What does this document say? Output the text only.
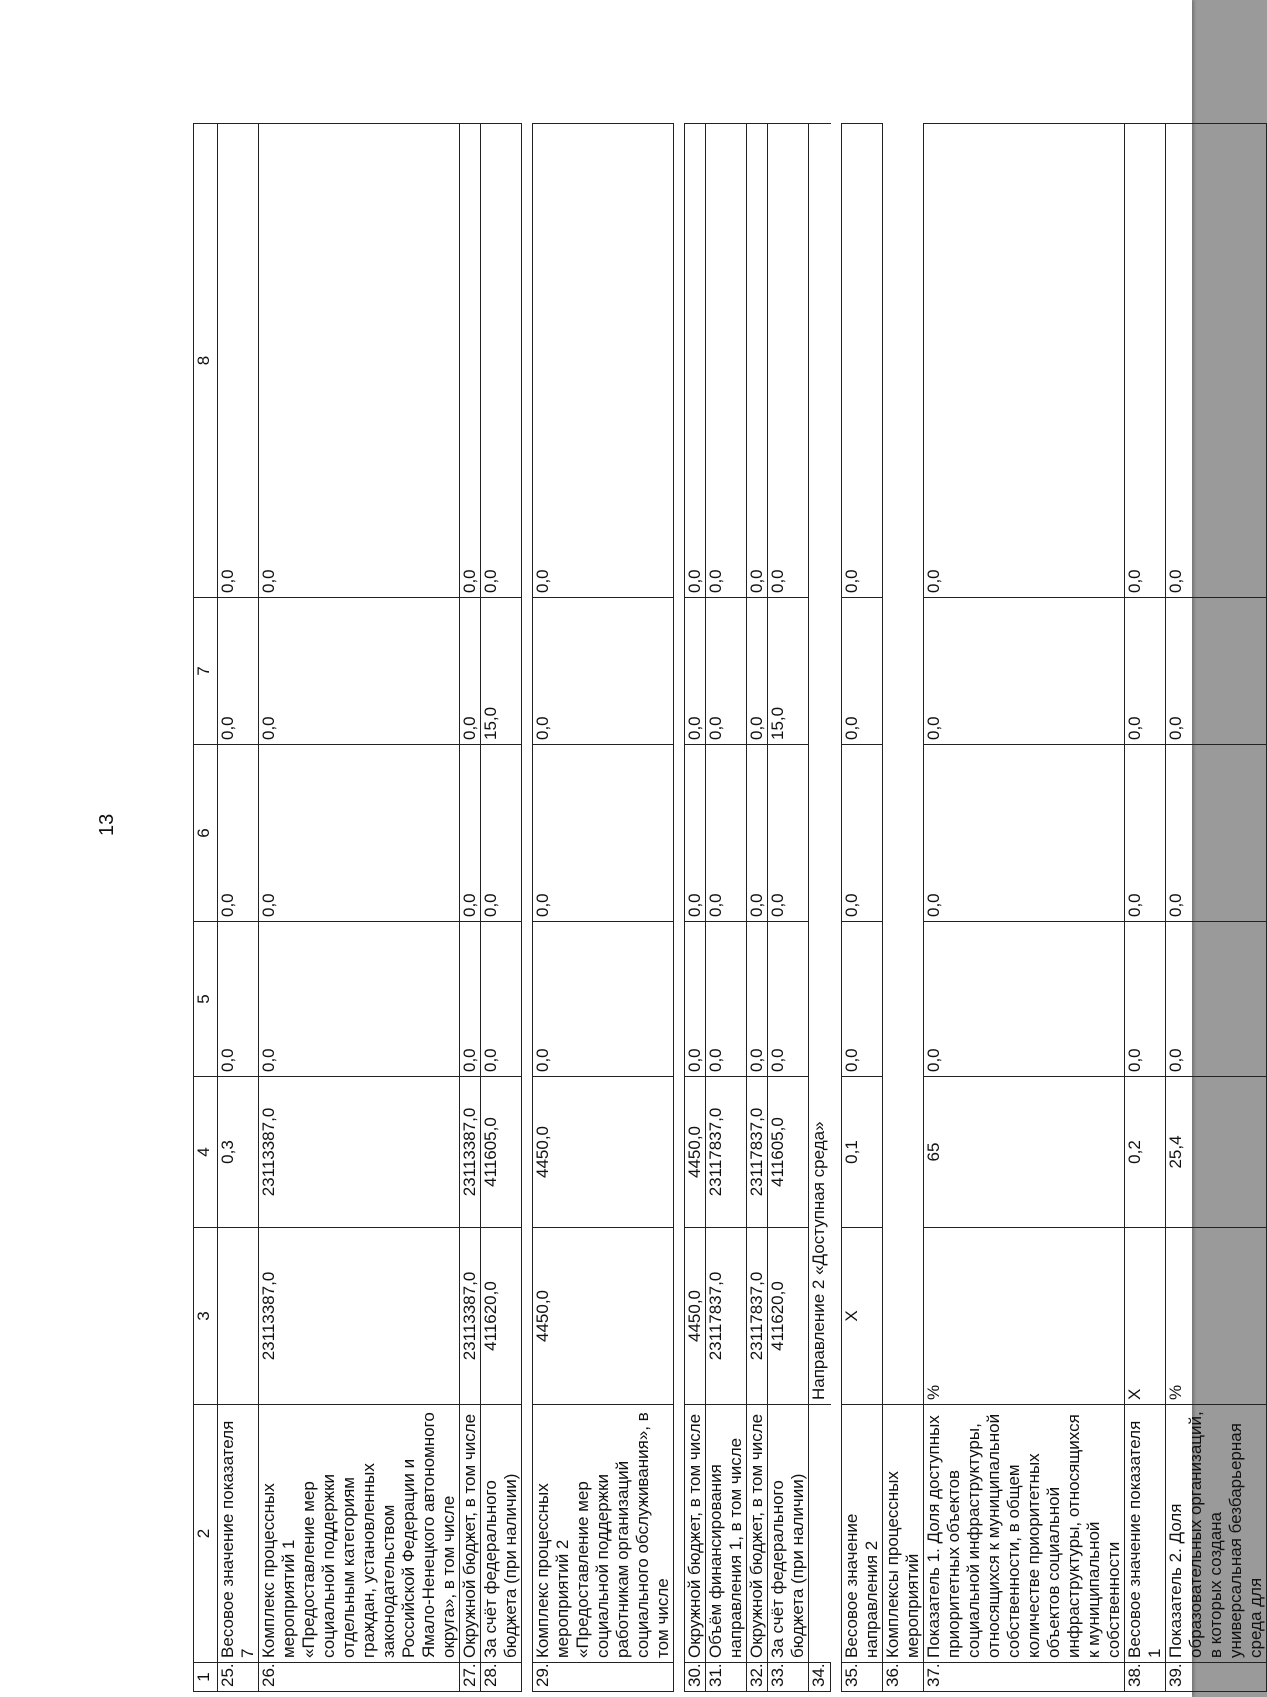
13
1	2	3	4	5	6	7	8
25.	Весовое значение показателя 7		0,3	0,0	0,0	0,0	0,0
26.	Комплекс процессных мероприятий 1 «Предоставление мер социальной поддержки отдельным категориям граждан, установленных законодательством Российской Федерации и Ямало-Ненецкого автономного округа», в том числе	23113387,0	23113387,0	0,0	0,0	0,0	0,0
27.	Окружной бюджет, в том числе	23113387,0	23113387,0	0,0	0,0	0,0	0,0
28.	За счёт федерального бюджета (при наличии)	411620,0	411605,0	0,0	0,0	15,0	0,0

29.	Комплекс процессных мероприятий 2 «Предоставление мер социальной поддержки работникам организаций социального обслуживания», в том числе	4450,0	4450,0	0,0	0,0	0,0	0,0

30.	Окружной бюджет, в том числе	4450,0	4450,0	0,0	0,0	0,0	0,0
31.	Объём финансирования направления 1, в том числе	23117837,0	23117837,0	0,0	0,0	0,0	0,0
32.	Окружной бюджет, в том числе	23117837,0	23117837,0	0,0	0,0	0,0	0,0
33.	За счёт федерального бюджета (при наличии)	411620,0	411605,0	0,0	0,0	15,0	0,0
34.		Направление 2 «Доступная среда»					

35.	Весовое значение направления 2	X	0,1	0,0	0,0	0,0	0,0
36.	Комплексы процессных мероприятий						
37.	Показатель 1. Доля доступных приоритетных объектов социальной инфраструктуры, относящихся к муниципальной собственности, в общем количестве приоритетных объектов социальной инфраструктуры, относящихся к муниципальной собственности	%	65	0,0	0,0	0,0	0,0
38.	Весовое значение показателя 1	X	0,2	0,0	0,0	0,0	0,0
39.	Показатель 2. Доля образовательных организаций, в которых создана универсальная безбарьерная среда для	%	25,4	0,0	0,0	0,0	0,0
